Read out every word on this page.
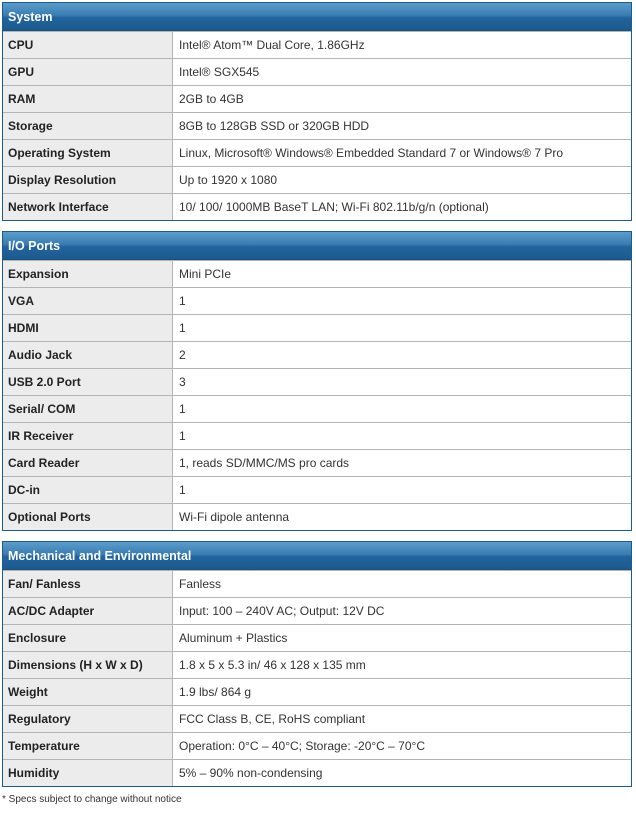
System
CPU	Intel® Atom™ Dual Core, 1.86GHz
GPU	Intel® SGX545
RAM	2GB to 4GB
Storage	8GB to 128GB SSD or 320GB HDD
Operating System	Linux, Microsoft® Windows® Embedded Standard 7 or Windows® 7 Pro
Display Resolution	Up to 1920 x 1080
Network Interface	10/ 100/ 1000MB BaseT LAN; Wi-Fi 802.11b/g/n (optional)
I/O Ports
Expansion	Mini PCIe
VGA	1
HDMI	1
Audio Jack	2
USB 2.0 Port	3
Serial/ COM	1
IR Receiver	1
Card Reader	1, reads SD/MMC/MS pro cards
DC-in	1
Optional Ports	Wi-Fi dipole antenna
Mechanical and Environmental
Fan/ Fanless	Fanless
AC/DC Adapter	Input: 100 – 240V AC; Output: 12V DC
Enclosure	Aluminum + Plastics
Dimensions (H x W x D)	1.8 x 5 x 5.3 in/ 46 x 128 x 135 mm
Weight	1.9 lbs/ 864 g
Regulatory	FCC Class B, CE, RoHS compliant
Temperature	Operation: 0°C – 40°C; Storage: -20°C – 70°C
Humidity	5% – 90% non-condensing
* Specs subject to change without notice
